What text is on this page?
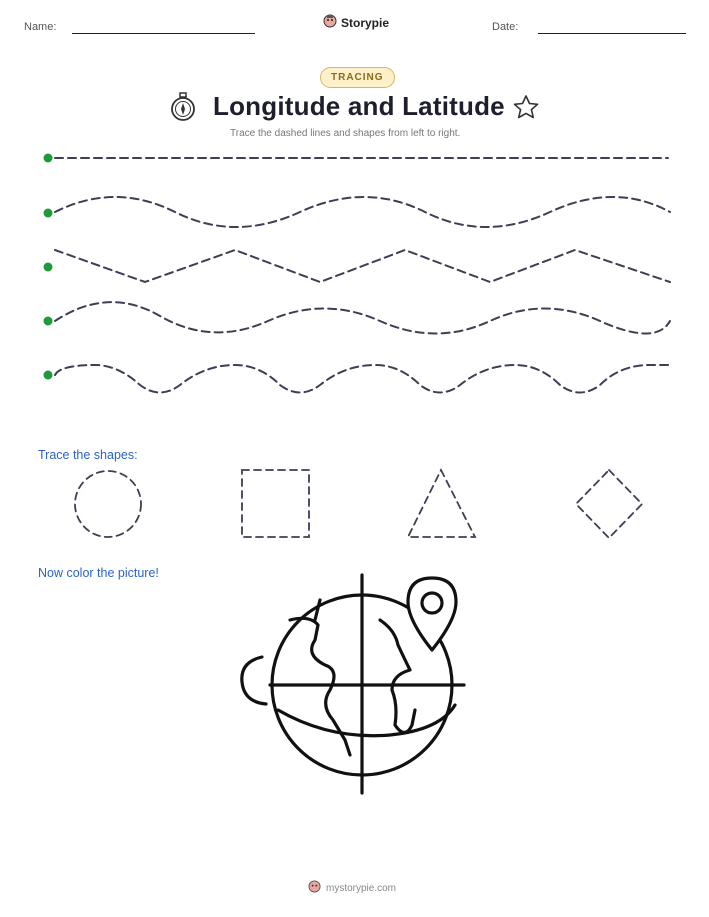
Name:	Storypie	Date:
TRACING
Longitude and Latitude
Trace the dashed lines and shapes from left to right.
Trace the shapes:
Now color the picture!
mystorypie.com
